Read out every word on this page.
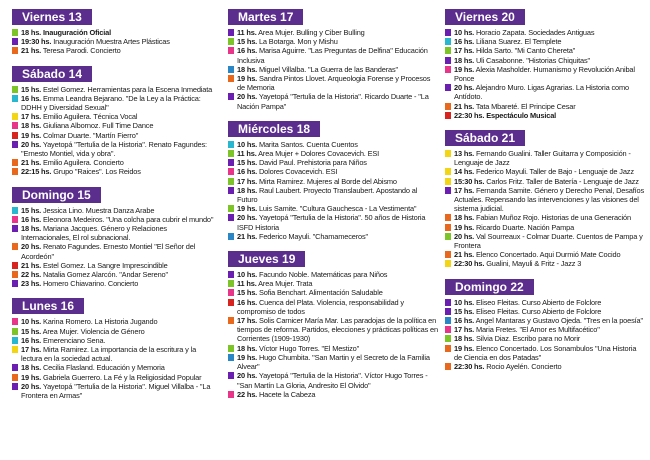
Viernes 13
18 hs. Inauguración Oficial
19:30 hs. Inauguración Muestra Artes Plásticas
21 hs. Teresa Parodi. Concierto
Sábado 14
15 hs. Estel Gomez. Herramientas para la Escena Inmediata
16 hs. Emma Leandra Bejarano. "De la Ley a la Práctica: DDHH y Diversidad Sexual"
17 hs. Emilio Aguilera. Técnica Vocal
18 hs. Giuliana Albornoz. Full Time Dance
19 hs. Colmar Duarte. "Martín Fierro"
20 hs. Yayetopá "Tertulia de la Historia". Renato Fagundes: "Ernesto Montiel, vida y obra".
21 hs. Emilio Aguilera. Concierto
22:15 hs. Grupo "Raices". Los Reidos
Domingo 15
15 hs. Jessica Lino. Muestra Danza Arabe
16 hs. Eleonora Medeiros. "Una colcha para cubrir el mundo"
18 hs. Mariana Jacques. Género y Relaciones Internacionales, El rol subnacional.
20 hs. Renato Fagundes. Ernesto Montiel "El Señor del Acordeón"
21 hs. Estel Gomez. La Sangre Imprescindible
22 hs. Natalia Gomez Alarcón. "Andar Sereno"
23 hs. Homero Chiavarino. Concierto
Lunes 16
10 hs. Karina Romero. La Historia Jugando
15 hs. Area Mujer. Violencia de Género
16 hs. Emerenciano Sena.
17 hs. Mirta Ramirez. La importancia de la escritura y la lectura en la sociedad actual.
18 hs. Cecilia Flasland. Educación y Memoria
19 hs. Gabriela Guerrero. La Fé y la Religiosidad Popular
20 hs. Yayetopá "Tertulia de la Historia". Miguel Villalba - "La Frontera en Armas"
Martes 17
11 hs. Area Mujer. Bulling y Ciber Bulling
15 hs. La Botarga. Mon y Mishu
16 hs. Marisa Aguirre. "Las Preguntas de Delfina" Educación Inclusiva
18 hs. Miguel Villalba. "La Guerra de las Banderas"
19 hs. Sandra Pintos Llovet. Arqueologia Forense y Procesos de Memoria
20 hs. Yayetopá "Tertulia de la Historia". Ricardo Duarte - "La Nación Pampa"
Miércoles 18
10 hs. Marita Santos. Cuenta Cuentos
11 hs. Area Mujer + Dolores Covacevich. ESI
15 hs. David Paul. Prehistoria para Niños
16 hs. Dolores Covacevich. ESI
17 hs. Mirta Ramirez. Mujeres al Borde del Abismo
18 hs. Raul Laubert. Proyecto Translaubert. Apostando al Futuro
19 hs. Luis Samite. "Cultura Gauchesca - La Vestimenta"
20 hs. Yayetopá "Tertulia de la Historia". 50 años de Historia ISFD Historia
21 hs. Federico Mayuli. "Chamameceros"
Jueves 19
10 hs. Facundo Noble. Matemáticas para Niños
11 hs. Area Mujer. Trata
15 hs. Sofia Benchart. Alimentación Saludable
16 hs. Cuenca del Plata. Violencia, responsabilidad y compromiso de todos
17 hs. Solis Carnicer María Mar. Las paradojas de la política en tiempos de reforma. Partidos, elecciones y prácticas políticas en Corrientes (1909-1930)
18 hs. Víctor Hugo Torres. "El Mestizo"
19 hs. Hugo Chumbita. "San Martin y el Secreto de la Familia Alvear"
20 hs. Yayetopá "Tertulia de la Historia". Víctor Hugo Torres - "San Martín La Gloria, Andresito El Olvido"
22 hs. Hacete la Cabeza
Viernes 20
10 hs. Horacio Zapata. Sociedades Antiguas
16 hs. Liliana Suarez. El Templete
17 hs. Hilda Sarto. "Mi Canto Chereta"
18 hs. Uli Casabonne. "Historias Chiquitas"
19 hs. Alexia Masholder. Humanismo y Revolución Anibal Ponce
20 hs. Alejandro Muro. Ligas Agrarias. La Historia como Antídoto.
21 hs. Tata Mbareté. El Principe Cesar
22:30 hs. Espectáculo Musical
Sábado 21
13 hs. Fernando Gualini. Taller Guitarra y Composición - Lenguaje de Jazz
14 hs. Federico Mayuli. Taller de Bajo - Lenguaje de Jazz
15:30 hs. Carlos Fritz. Taller de Batería - Lenguaje de Jazz
17 hs. Fernanda Samite. Género y Derecho Penal, Desafíos Actuales. Repensando las intervenciones y las visiones del sistema judicial.
18 hs. Fabian Muñoz Rojo. Historias de una Generación
19 hs. Ricardo Duarte. Nación Pampa
20 hs. Val Sourreaux - Colmar Duarte. Cuentos de Pampa y Frontera
21 hs. Elenco Concertado. Aqui Durmió Mate Cocido
22:30 hs. Gualini, Mayuli & Fritz - Jazz 3
Domingo 22
10 hs. Eliseo Fleitas. Curso Abierto de Folclore
15 hs. Eliseo Fleitas. Curso Abierto de Folclore
16 hs. Angel Mantaras y Gustavo Ojeda. "Tres en la poesía"
17 hs. Maria Fretes. "El Amor es Multifacético"
18 hs. Silvia Diaz. Escribo para no Morir
19 hs. Elenco Concertado. Los Sonambulos "Una Historia de Ciencia en dos Patadas"
22:30 hs. Rocio Ayelén. Concierto
